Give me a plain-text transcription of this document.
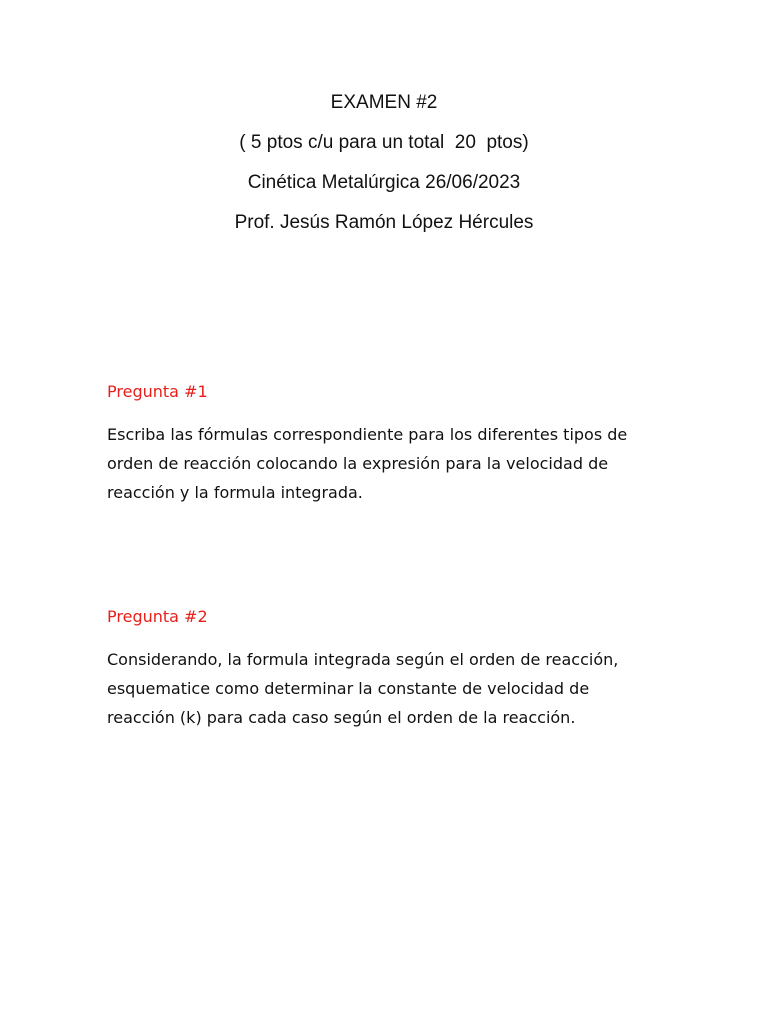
EXAMEN #2
( 5 ptos c/u para un total  20  ptos)
Cinética Metalúrgica 26/06/2023
Prof. Jesús Ramón López Hércules
Pregunta #1
Escriba las fórmulas correspondiente para los diferentes tipos de
orden de reacción colocando la expresión para la velocidad de
reacción y la formula integrada.
Pregunta #2
Considerando, la formula integrada según el orden de reacción,
esquematice como determinar la constante de velocidad de
reacción (k) para cada caso según el orden de la reacción.
